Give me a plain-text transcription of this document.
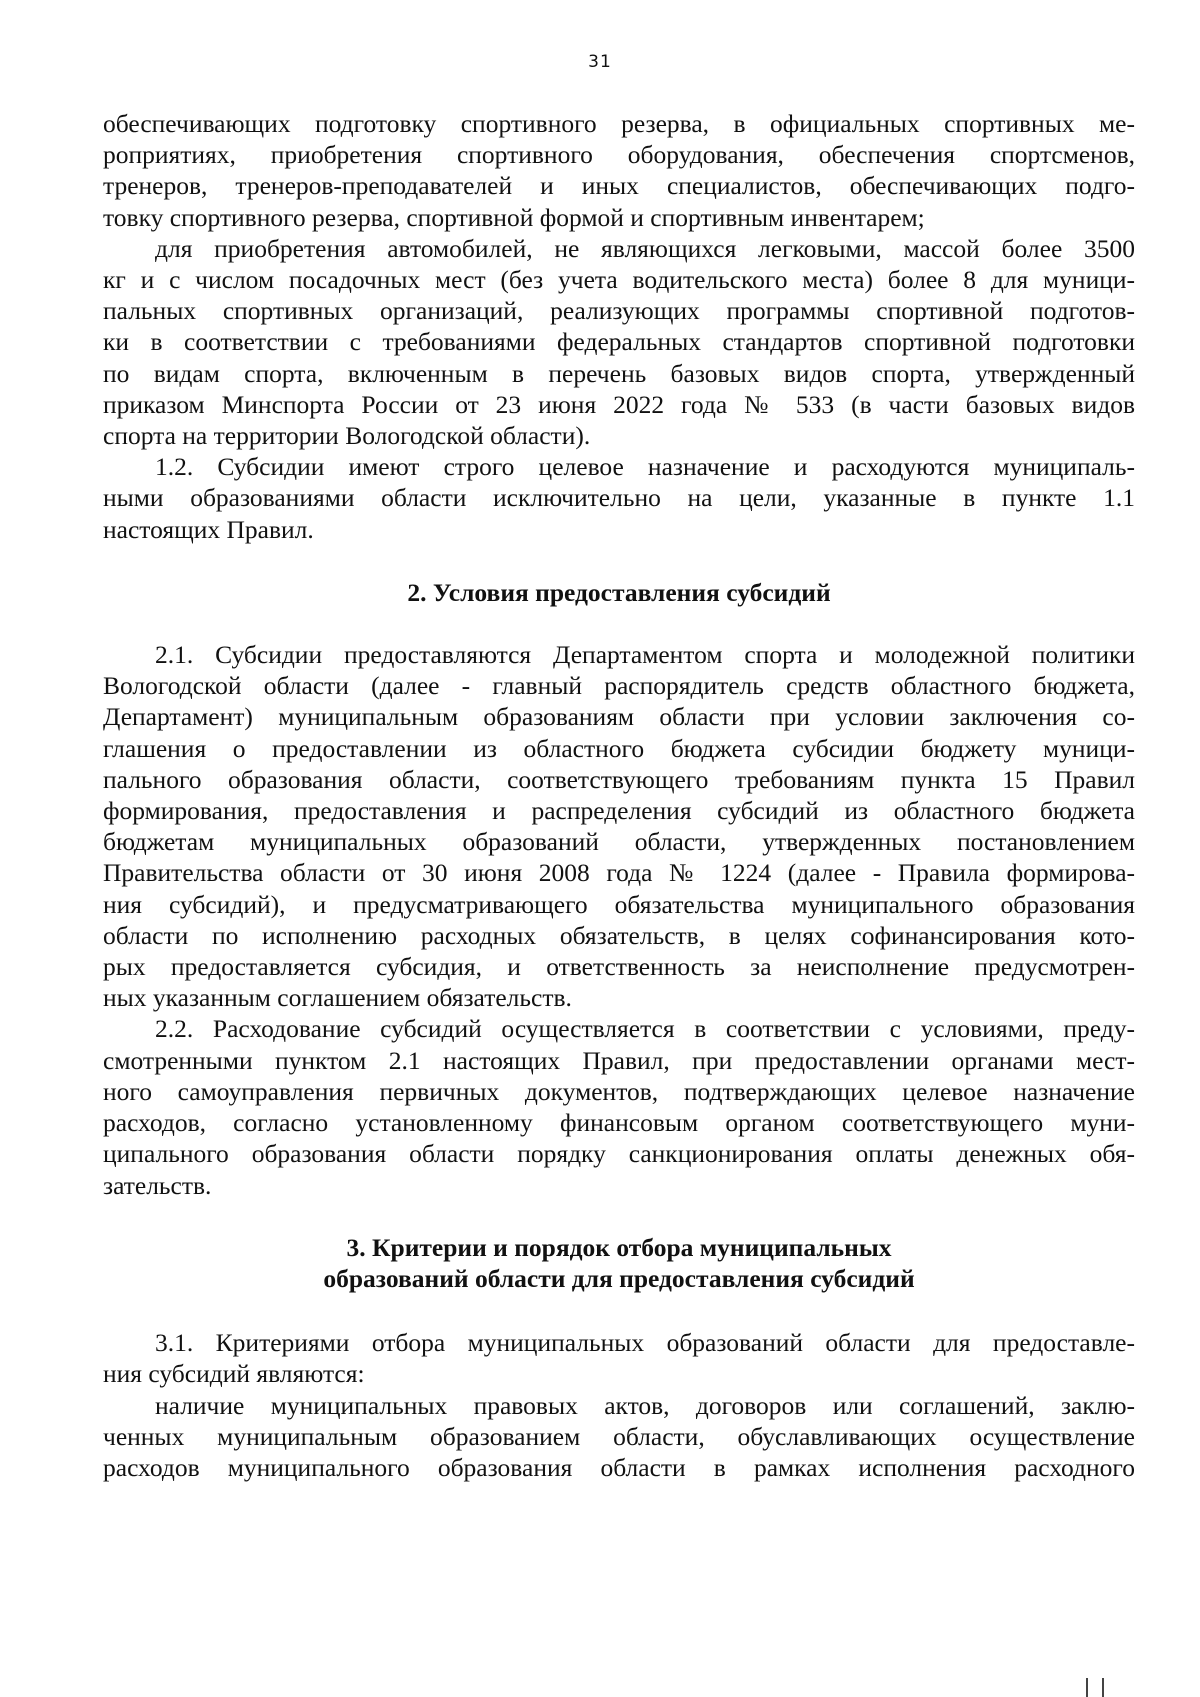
31
обеспечивающих подготовку спортивного резерва, в официальных спортивных ме-
роприятиях, приобретения спортивного оборудования, обеспечения спортсменов,
тренеров, тренеров-преподавателей и иных специалистов, обеспечивающих подго-
товку спортивного резерва, спортивной формой и спортивным инвентарем;
для приобретения автомобилей, не являющихся легковыми, массой более 3500
кг и с числом посадочных мест (без учета водительского места) более 8 для муници-
пальных спортивных организаций, реализующих программы спортивной подготов-
ки в соответствии с требованиями федеральных стандартов спортивной подготовки
по видам спорта, включенным в перечень базовых видов спорта, утвержденный
приказом Минспорта России от 23 июня 2022 года № 533 (в части базовых видов
спорта на территории Вологодской области).
1.2. Субсидии имеют строго целевое назначение и расходуются муниципаль-
ными образованиями области исключительно на цели, указанные в пункте 1.1
настоящих Правил.
2. Условия предоставления субсидий
2.1. Субсидии предоставляются Департаментом спорта и молодежной политики
Вологодской области (далее - главный распорядитель средств областного бюджета,
Департамент) муниципальным образованиям области при условии заключения со-
глашения о предоставлении из областного бюджета субсидии бюджету муници-
пального образования области, соответствующего требованиям пункта 15 Правил
формирования, предоставления и распределения субсидий из областного бюджета
бюджетам муниципальных образований области, утвержденных постановлением
Правительства области от 30 июня 2008 года № 1224 (далее - Правила формирова-
ния субсидий), и предусматривающего обязательства муниципального образования
области по исполнению расходных обязательств, в целях софинансирования кото-
рых предоставляется субсидия, и ответственность за неисполнение предусмотрен-
ных указанным соглашением обязательств.
2.2. Расходование субсидий осуществляется в соответствии с условиями, преду-
смотренными пунктом 2.1 настоящих Правил, при предоставлении органами мест-
ного самоуправления первичных документов, подтверждающих целевое назначение
расходов, согласно установленному финансовым органом соответствующего муни-
ципального образования области порядку санкционирования оплаты денежных обя-
зательств.
3. Критерии и порядок отбора муниципальных
образований области для предоставления субсидий
3.1. Критериями отбора муниципальных образований области для предоставле-
ния субсидий являются:
наличие муниципальных правовых актов, договоров или соглашений, заклю-
ченных муниципальным образованием области, обуславливающих осуществление
расходов муниципального образования области в рамках исполнения расходного
